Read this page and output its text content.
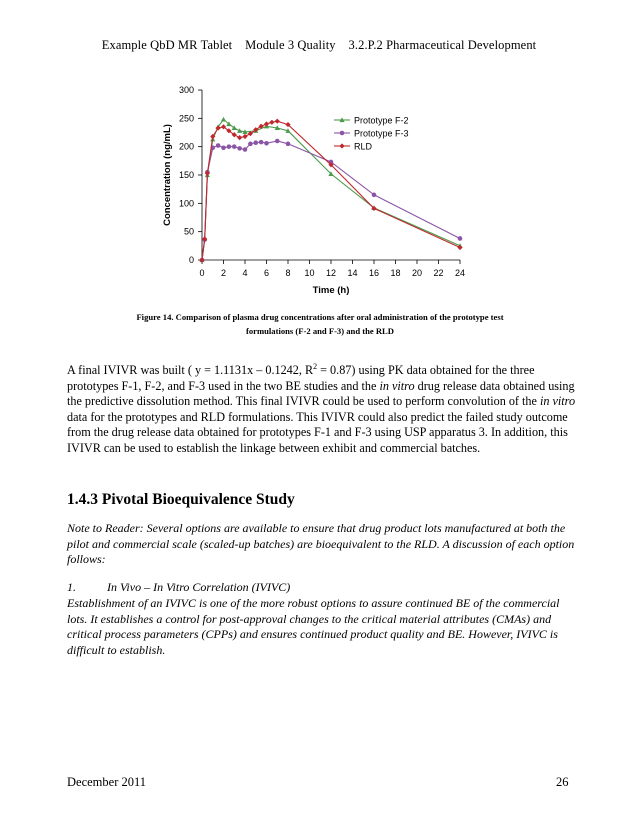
Example QbD MR Tablet    Module 3 Quality    3.2.P.2 Pharmaceutical Development
0
50
100
150
200
250
300
0 2 4 6 8 10 12 14 16 18 20 22 24
Prototype F-2
Prototype F-3
RLD
Time (h)
Concentration (ng/mL)
Figure 14. Comparison of plasma drug concentrations after oral administration of the prototype test
formulations (F-2 and F-3) and the RLD
A final IVIVR was built ( y = 1.1131x – 0.1242, $R^2 = 0.87$) using PK data obtained for the three prototypes F-1, F-2, and F-3 used in the two BE studies and the in vitro drug release data obtained using the predictive dissolution method. This final IVIVR could be used to perform convolution of the in vitro data for the prototypes and RLD formulations. This IVIVR could also predict the failed study outcome from the drug release data obtained for prototypes F-1 and F-3 using USP apparatus 3. In addition, this IVIVR can be used to establish the linkage between exhibit and commercial batches.
1.4.3 Pivotal Bioequivalence Study
Note to Reader: Several options are available to ensure that drug product lots manufactured at both the pilot and commercial scale (scaled-up batches) are bioequivalent to the RLD. A discussion of each option follows:
1.	In Vivo – In Vitro Correlation (IVIVC)
Establishment of an IVIVC is one of the more robust options to assure continued BE of the commercial lots. It establishes a control for post-approval changes to the critical material attributes (CMAs) and critical process parameters (CPPs) and ensures continued product quality and BE. However, IVIVC is difficult to establish.
December 2011	26
